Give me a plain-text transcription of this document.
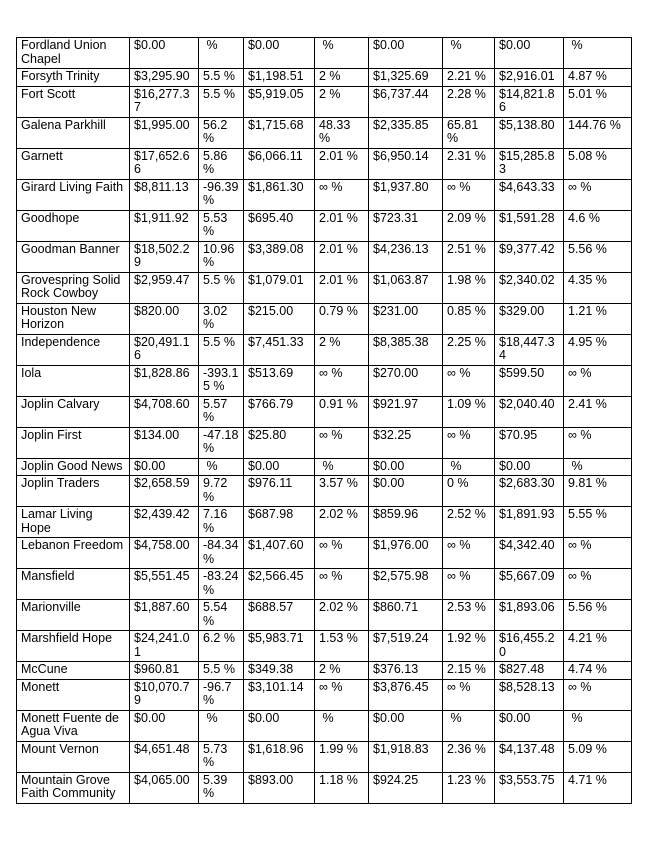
Fordland Union Chapel	$0.00	%	$0.00	%	$0.00	%	$0.00	%
Forsyth Trinity	$3,295.90	5.5 %	$1,198.51	2 %	$1,325.69	2.21 %	$2,916.01	4.87 %
Fort Scott	$16,277.37	5.5 %	$5,919.05	2 %	$6,737.44	2.28 %	$14,821.86	5.01 %
Galena Parkhill	$1,995.00	56.2 %	$1,715.68	48.33 %	$2,335.85	65.81 %	$5,138.80	144.76 %
Garnett	$17,652.66	5.86 %	$6,066.11	2.01 %	$6,950.14	2.31 %	$15,285.83	5.08 %
Girard Living Faith	$8,811.13	-96.39 %	$1,861.30	∞ %	$1,937.80	∞ %	$4,643.33	∞ %
Goodhope	$1,911.92	5.53 %	$695.40	2.01 %	$723.31	2.09 %	$1,591.28	4.6 %
Goodman Banner	$18,502.29	10.96 %	$3,389.08	2.01 %	$4,236.13	2.51 %	$9,377.42	5.56 %
Grovespring Solid Rock Cowboy	$2,959.47	5.5 %	$1,079.01	2.01 %	$1,063.87	1.98 %	$2,340.02	4.35 %
Houston New Horizon	$820.00	3.02 %	$215.00	0.79 %	$231.00	0.85 %	$329.00	1.21 %
Independence	$20,491.16	5.5 %	$7,451.33	2 %	$8,385.38	2.25 %	$18,447.34	4.95 %
Iola	$1,828.86	-393.15 %	$513.69	∞ %	$270.00	∞ %	$599.50	∞ %
Joplin Calvary	$4,708.60	5.57 %	$766.79	0.91 %	$921.97	1.09 %	$2,040.40	2.41 %
Joplin First	$134.00	-47.18 %	$25.80	∞ %	$32.25	∞ %	$70.95	∞ %
Joplin Good News	$0.00	%	$0.00	%	$0.00	%	$0.00	%
Joplin Traders	$2,658.59	9.72 %	$976.11	3.57 %	$0.00	0 %	$2,683.30	9.81 %
Lamar Living Hope	$2,439.42	7.16 %	$687.98	2.02 %	$859.96	2.52 %	$1,891.93	5.55 %
Lebanon Freedom	$4,758.00	-84.34 %	$1,407.60	∞ %	$1,976.00	∞ %	$4,342.40	∞ %
Mansfield	$5,551.45	-83.24 %	$2,566.45	∞ %	$2,575.98	∞ %	$5,667.09	∞ %
Marionville	$1,887.60	5.54 %	$688.57	2.02 %	$860.71	2.53 %	$1,893.06	5.56 %
Marshfield Hope	$24,241.01	6.2 %	$5,983.71	1.53 %	$7,519.24	1.92 %	$16,455.20	4.21 %
McCune	$960.81	5.5 %	$349.38	2 %	$376.13	2.15 %	$827.48	4.74 %
Monett	$10,070.79	-96.7 %	$3,101.14	∞ %	$3,876.45	∞ %	$8,528.13	∞ %
Monett Fuente de Agua Viva	$0.00	%	$0.00	%	$0.00	%	$0.00	%
Mount Vernon	$4,651.48	5.73 %	$1,618.96	1.99 %	$1,918.83	2.36 %	$4,137.48	5.09 %
Mountain Grove Faith Community	$4,065.00	5.39 %	$893.00	1.18 %	$924.25	1.23 %	$3,553.75	4.71 %
